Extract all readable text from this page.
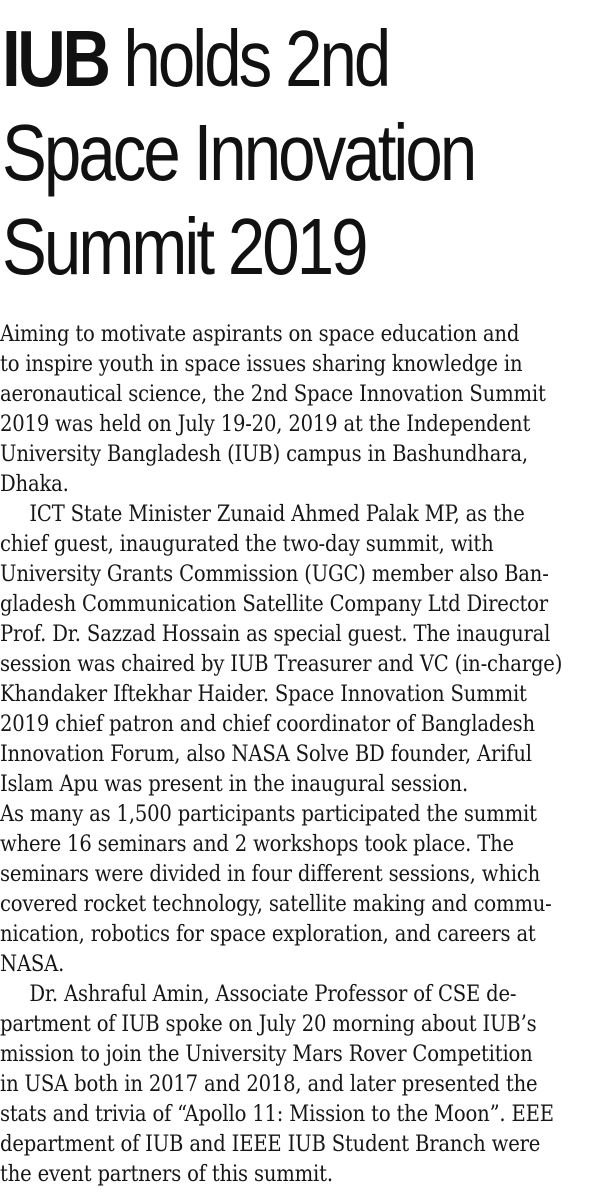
IUB holds 2nd
Space Innovation
Summit 2019
Aiming to motivate aspirants on space education and
to inspire youth in space issues sharing knowledge in
aeronautical science, the 2nd Space Innovation Summit
2019 was held on July 19-20, 2019 at the Independent
University Bangladesh (IUB) campus in Bashundhara,
Dhaka.
ICT State Minister Zunaid Ahmed Palak MP, as the
chief guest, inaugurated the two-day summit, with
University Grants Commission (UGC) member also Ban-
gladesh Communication Satellite Company Ltd Director
Prof. Dr. Sazzad Hossain as special guest. The inaugural
session was chaired by IUB Treasurer and VC (in-charge)
Khandaker Iftekhar Haider. Space Innovation Summit
2019 chief patron and chief coordinator of Bangladesh
Innovation Forum, also NASA Solve BD founder, Ariful
Islam Apu was present in the inaugural session.
As many as 1,500 participants participated the summit
where 16 seminars and 2 workshops took place. The
seminars were divided in four different sessions, which
covered rocket technology, satellite making and commu-
nication, robotics for space exploration, and careers at
NASA.
Dr. Ashraful Amin, Associate Professor of CSE de-
partment of IUB spoke on July 20 morning about IUB’s
mission to join the University Mars Rover Competition
in USA both in 2017 and 2018, and later presented the
stats and trivia of “Apollo 11: Mission to the Moon”. EEE
department of IUB and IEEE IUB Student Branch were
the event partners of this summit.
